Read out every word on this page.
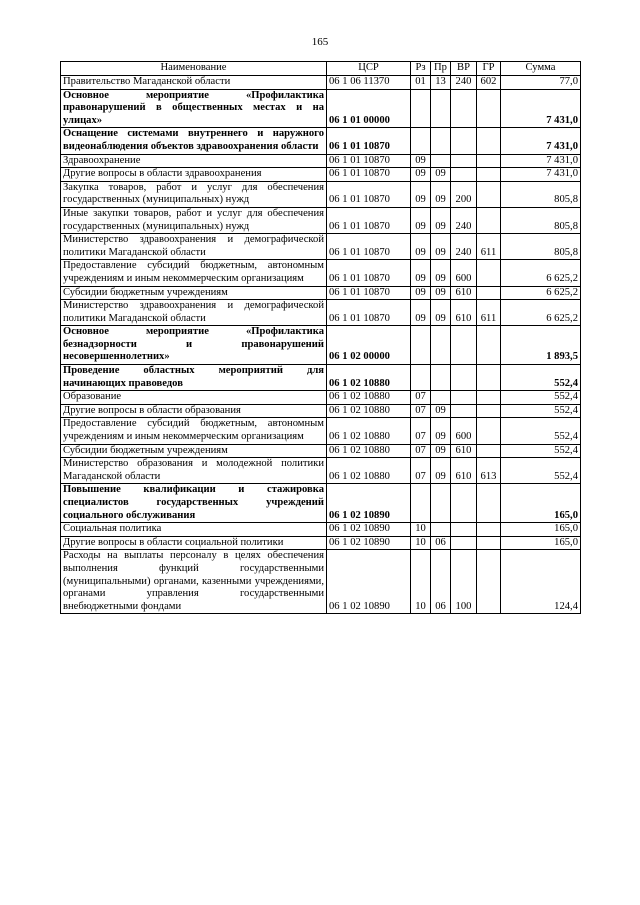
165
Наименование	ЦСР	Рз	Пр	ВР	ГР	Сумма
Правительство Магаданской области	06 1 06 11370	01	13	240	602	77,0
Основное мероприятие «Профилактика правонарушений в общественных местах и на улицах»	06 1 01 00000					7 431,0
Оснащение системами внутреннего и наружного видеонаблюдения объектов здравоохранения области	06 1 01 10870					7 431,0
Здравоохранение	06 1 01 10870	09				7 431,0
Другие вопросы в области здравоохранения	06 1 01 10870	09	09			7 431,0
Закупка товаров, работ и услуг для обеспечения государственных (муниципальных) нужд	06 1 01 10870	09	09	200		805,8
Иные закупки товаров, работ и услуг для обеспечения государственных (муниципальных) нужд	06 1 01 10870	09	09	240		805,8
Министерство здравоохранения и демографической политики Магаданской области	06 1 01 10870	09	09	240	611	805,8
Предоставление субсидий бюджетным, автономным учреждениям и иным некоммерческим организациям	06 1 01 10870	09	09	600		6 625,2
Субсидии бюджетным учреждениям	06 1 01 10870	09	09	610		6 625,2
Министерство здравоохранения и демографической политики Магаданской области	06 1 01 10870	09	09	610	611	6 625,2
Основное мероприятие «Профилактика безнадзорности и правонарушений несовершеннолетних»	06 1 02 00000					1 893,5
Проведение областных мероприятий для начинающих правоведов	06 1 02 10880					552,4
Образование	06 1 02 10880	07				552,4
Другие вопросы в области образования	06 1 02 10880	07	09			552,4
Предоставление субсидий бюджетным, автономным учреждениям и иным некоммерческим организациям	06 1 02 10880	07	09	600		552,4
Субсидии бюджетным учреждениям	06 1 02 10880	07	09	610		552,4
Министерство образования и молодежной политики Магаданской области	06 1 02 10880	07	09	610	613	552,4
Повышение квалификации и стажировка специалистов государственных учреждений социального обслуживания	06 1 02 10890					165,0
Социальная политика	06 1 02 10890	10				165,0
Другие вопросы в области социальной политики	06 1 02 10890	10	06			165,0
Расходы на выплаты персоналу в целях обеспечения выполнения функций государственными (муниципальными) органами, казенными учреждениями, органами управления государственными внебюджетными фондами	06 1 02 10890	10	06	100		124,4
